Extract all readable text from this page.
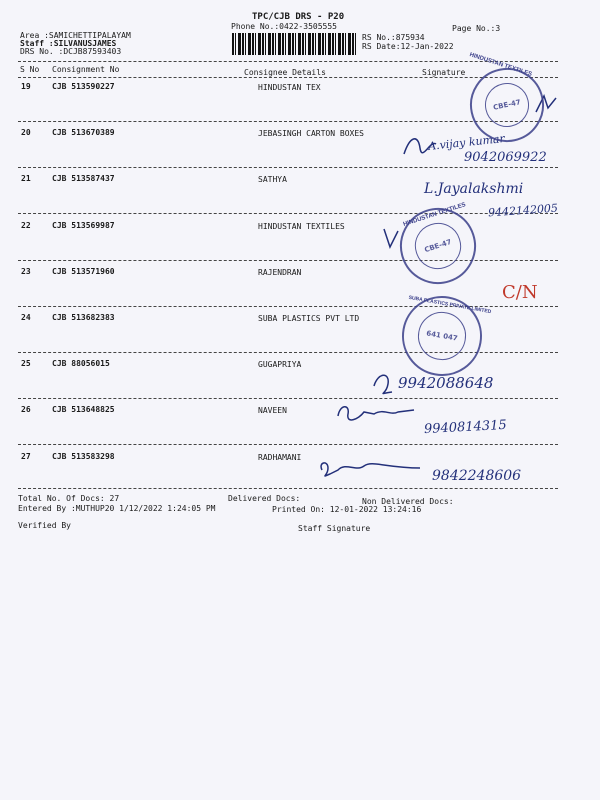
TPC/CJB DRS - P20
Phone No.:0422-3505555	Page No.:3
Area :SAMICHETTIPALAYAM
Staff :SILVANUSJAMES
DRS No. :DCJB87593403
RS No.:875934
RS Date:12-Jan-2022
S No Consignment No	Consignee Details	Signature
19	CJB 513590227	HINDUSTAN TEX
20	CJB 513670389	JEBASINGH CARTON BOXES
21	CJB 513587437	SATHYA
22	CJB 513569987	HINDUSTAN TEXTILES
23	CJB 513571960	RAJENDRAN
24	CJB 513682383	SUBA PLASTICS PVT LTD
25	CJB 88056015	GUGAPRIYA
26	CJB 513648825	NAVEEN
27	CJB 513583298	RADHAMANI
A.vijay kumar
9042069922
L.Jayalakshmi
9442142005
C/N
9942088648
9940814315
9842248606
CBE-47
HINDUSTAN TEXTILES
CBE-47
HINDUSTAN TEXTILES
641 047
SUBA PLASTICS PRIVATE LIMITED
Total No. Of Docs: 27	Delivered Docs:	Non Delivered Docs:
Entered By :MUTHUP20 1/12/2022 1:24:05 PM	Printed On: 12-01-2022 13:24:16
Verified By	Staff Signature
